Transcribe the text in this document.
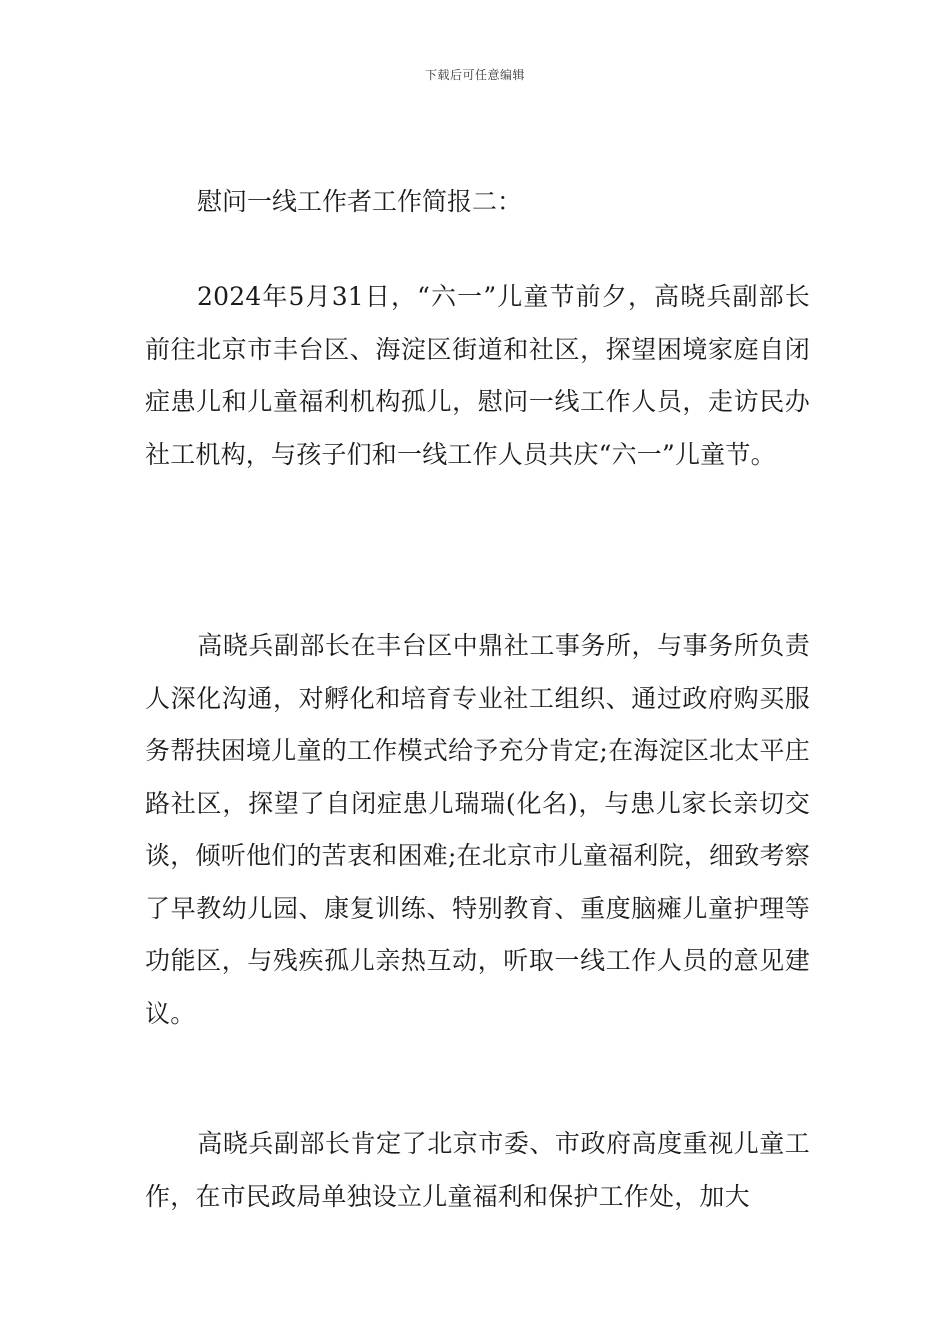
下载后可任意编辑
慰问一线工作者工作简报二：
2024年5月31日，“六一”儿童节前夕，高晓兵副部长前往北京市丰台区、海淀区街道和社区，探望困境家庭自闭症患儿和儿童福利机构孤儿，慰问一线工作人员，走访民办社工机构，与孩子们和一线工作人员共庆“六一”儿童节。
高晓兵副部长在丰台区中鼎社工事务所，与事务所负责人深化沟通，对孵化和培育专业社工组织、通过政府购买服务帮扶困境儿童的工作模式给予充分肯定;在海淀区北太平庄路社区，探望了自闭症患儿瑞瑞(化名)，与患儿家长亲切交谈，倾听他们的苦衷和困难;在北京市儿童福利院，细致考察了早教幼儿园、康复训练、特别教育、重度脑瘫儿童护理等功能区，与残疾孤儿亲热互动，听取一线工作人员的意见建议。
高晓兵副部长肯定了北京市委、市政府高度重视儿童工作，在市民政局单独设立儿童福利和保护工作处，加大
